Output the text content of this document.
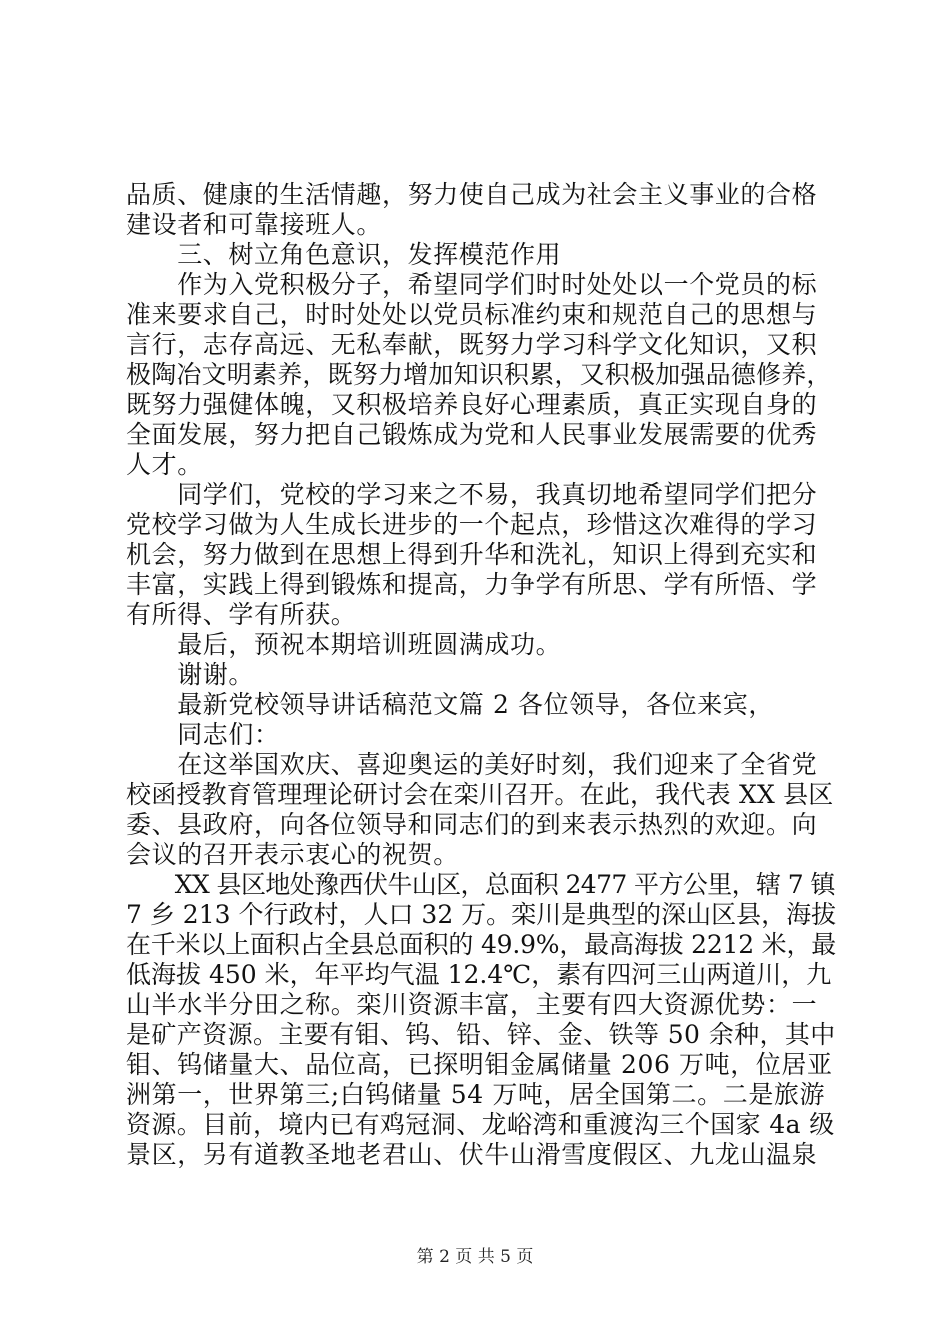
品质、健康的生活情趣，努力使自己成为社会主义事业的合格
建设者和可靠接班人。
　　三、树立角色意识，发挥模范作用
　　作为入党积极分子，希望同学们时时处处以一个党员的标
准来要求自己，时时处处以党员标准约束和规范自己的思想与
言行，志存高远、无私奉献，既努力学习科学文化知识，又积
极陶冶文明素养，既努力增加知识积累，又积极加强品德修养，
既努力强健体魄，又积极培养良好心理素质，真正实现自身的
全面发展，努力把自己锻炼成为党和人民事业发展需要的优秀
人才。
　　同学们，党校的学习来之不易，我真切地希望同学们把分
党校学习做为人生成长进步的一个起点，珍惜这次难得的学习
机会，努力做到在思想上得到升华和洗礼，知识上得到充实和
丰富，实践上得到锻炼和提高，力争学有所思、学有所悟、学
有所得、学有所获。
　　最后，预祝本期培训班圆满成功。
　　谢谢。
　　最新党校领导讲话稿范文篇 2 各位领导，各位来宾，
　　同志们：
　　在这举国欢庆、喜迎奥运的美好时刻，我们迎来了全省党
校函授教育管理理论研讨会在栾川召开。在此，我代表 XX 县区
委、县政府，向各位领导和同志们的到来表示热烈的欢迎。向
会议的召开表示衷心的祝贺。
　　XX 县区地处豫西伏牛山区，总面积 2477 平方公里，辖 7 镇
7 乡 213 个行政村，人口 32 万。栾川是典型的深山区县，海拔
在千米以上面积占全县总面积的 49.9%，最高海拔 2212 米，最
低海拔 450 米，年平均气温 12.4℃，素有四河三山两道川，九
山半水半分田之称。栾川资源丰富，主要有四大资源优势：一
是矿产资源。主要有钼、钨、铅、锌、金、铁等 50 余种，其中
钼、钨储量大、品位高，已探明钼金属储量 206 万吨，位居亚
洲第一，世界第三;白钨储量 54 万吨，居全国第二。二是旅游
资源。目前，境内已有鸡冠洞、龙峪湾和重渡沟三个国家 4a 级
景区，另有道教圣地老君山、伏牛山滑雪度假区、九龙山温泉
第 2 页 共 5 页
